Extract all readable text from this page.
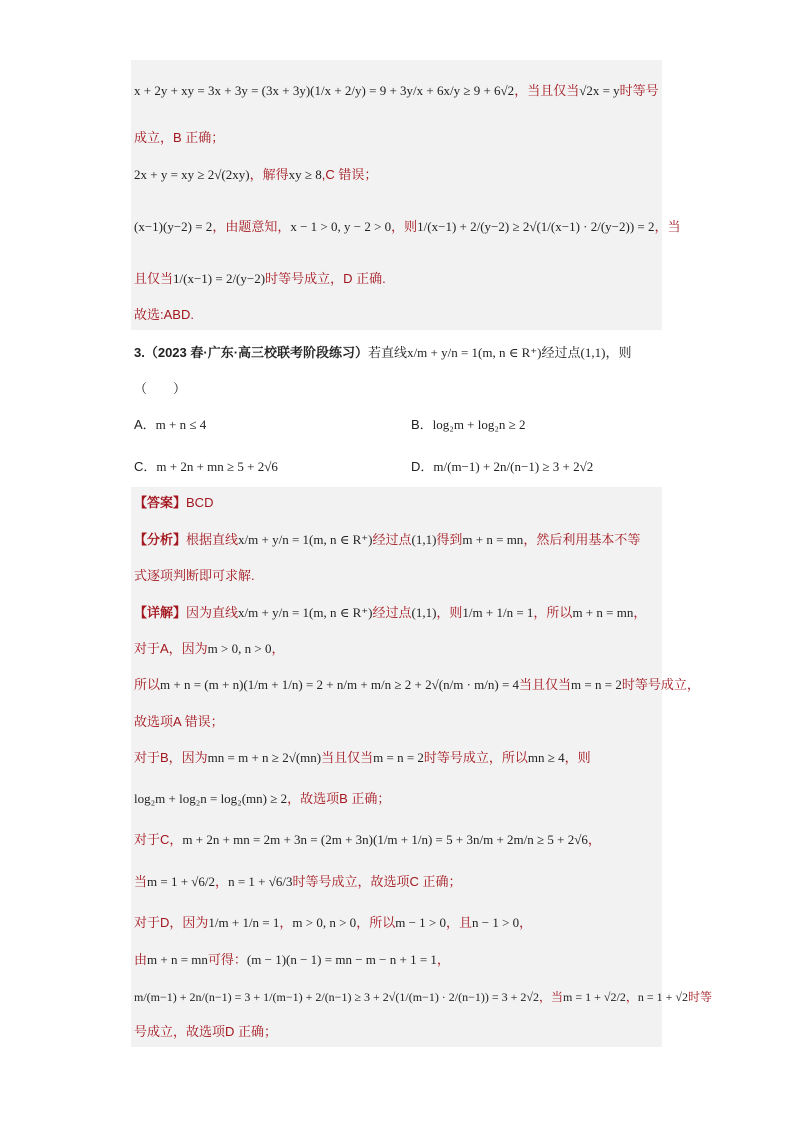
x + 2y + xy = 3x + 3y = (3x + 3y)(1/x + 2/y) = 9 + 3y/x + 6x/y ≥ 9 + 6√2，当且仅当√2x = y时等号
成立，B 正确；
2x + y = xy ≥ 2√(2xy)，解得xy ≥ 8,C 错误；
(x−1)(y−2) = 2，由题意知，x − 1 > 0, y − 2 > 0，则1/(x−1) + 2/(y−2) ≥ 2√(1/(x−1) · 2/(y−2)) = 2，当
且仅当1/(x−1) = 2/(y−2)时等号成立，D 正确.
故选:ABD.
3.（2023 春·广东·高三校联考阶段练习）若直线x/m + y/n = 1(m, n ∈ R⁺)经过点(1,1)，则
（　　）
A．m + n ≤ 4	B．log₂m + log₂n ≥ 2
C．m + 2n + mn ≥ 5 + 2√6	D．m/(m−1) + 2n/(n−1) ≥ 3 + 2√2
【答案】BCD
【分析】根据直线x/m + y/n = 1(m, n ∈ R⁺)经过点(1,1)得到m + n = mn，然后利用基本不等
式逐项判断即可求解.
【详解】因为直线x/m + y/n = 1(m, n ∈ R⁺)经过点(1,1)，则1/m + 1/n = 1，所以m + n = mn，
对于A，因为m > 0, n > 0，
所以m + n = (m + n)(1/m + 1/n) = 2 + n/m + m/n ≥ 2 + 2√(n/m · m/n) = 4当且仅当m = n = 2时等号成立，
故选项A 错误；
对于B，因为mn = m + n ≥ 2√(mn)当且仅当m = n = 2时等号成立，所以mn ≥ 4，则
log₂m + log₂n = log₂(mn) ≥ 2，故选项B 正确；
对于C，m + 2n + mn = 2m + 3n = (2m + 3n)(1/m + 1/n) = 5 + 3n/m + 2m/n ≥ 5 + 2√6，
当m = 1 + √6/2，n = 1 + √6/3时等号成立，故选项C 正确；
对于D，因为1/m + 1/n = 1，m > 0, n > 0，所以m − 1 > 0，且n − 1 > 0，
由m + n = mn可得：(m − 1)(n − 1) = mn − m − n + 1 = 1，
m/(m−1) + 2n/(n−1) = 3 + 1/(m−1) + 2/(n−1) ≥ 3 + 2√(1/(m−1) · 2/(n−1)) = 3 + 2√2，当m = 1 + √2/2，n = 1 + √2时等
号成立，故选项D 正确；
